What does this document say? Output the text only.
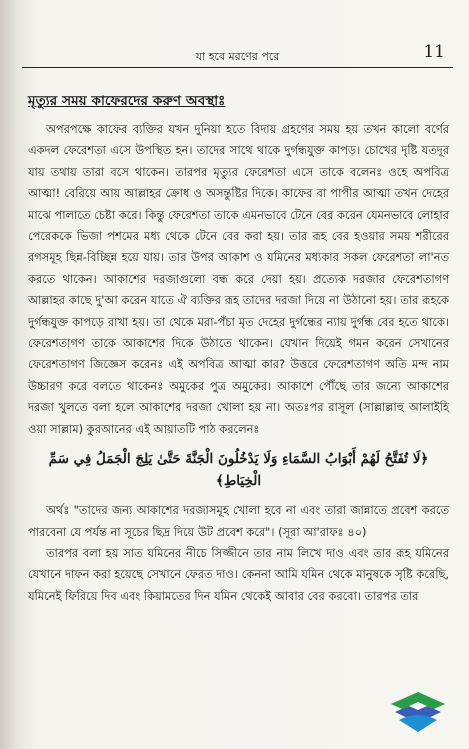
যা হবে মরণের পরে	11
মৃত্যুর সময় কাফেরদের করুণ অবস্থাঃ

অপরপক্ষে কাফের ব্যক্তির যখন দুনিয়া হতে বিদায় গ্রহণের সময় হয় তখন কালো বর্ণের একদল ফেরেশতা এসে উপস্থিত হন। তাদের সাথে থাকে দুর্গন্ধযুক্ত কাপড়। চোখের দৃষ্টি যতদূর যায় তথায় তারা বসে থাকেন। তারপর মৃত্যুর ফেরেশতা এসে তাকে বলেনঃ ওহে অপবিত্র আত্মা! বেরিয়ে আয় আল্লাহর ক্রোধ ও অসন্তুষ্টির দিকে। কাফের বা পাপীর আত্মা তখন দেহের মাঝে পালাতে চেষ্টা করে। কিন্তু ফেরেশতা তাকে এমনভাবে টেনে বের করেন যেমনভাবে লোহার পেরেককে ভিজা পশমের মধ্য থেকে টেনে বের করা হয়। তার রূহ বের হওয়ার সময় শরীরের রগসমূহ ছিন্ন-বিচ্ছিন্ন হয়ে যায়। তার উপর আকাশ ও যমিনের মধ্যকার সকল ফেরেশতা লা'নত করতে থাকেন। আকাশের দরজাগুলো বন্ধ করে দেয়া হয়। প্রত্যেক দরজার ফেরেশতাগণ আল্লাহর কাছে দু'আ করেন যাতে ঐ ব্যক্তির রূহ তাদের দরজা দিয়ে না উঠানো হয়। তার রূহকে দুর্গন্ধযুক্ত কাপড়ে রাখা হয়। তা থেকে মরা-পঁচা মৃত দেহের দুর্গন্ধের ন্যায় দুর্গন্ধ বের হতে থাকে। ফেরেশতাগণ তাকে আকাশের দিকে উঠাতে থাকেন। যেখান দিয়েই গমন করেন সেখানের ফেরেশতাগণ জিজ্ঞেস করেনঃ এই অপবিত্র আত্মা কার? উত্তরে ফেরেশতাগণ অতি মন্দ নাম উচ্চারণ করে বলতে থাকেনঃ অমুকের পুত্র অমুকের। আকাশে পৌঁছে তার জন্যে আকাশের দরজা খুলতে বলা হলে আকাশের দরজা খোলা হয় না। অতঃপর রাসূল (সাল্লাল্লাহু আলাইহি ওয়া সাল্লাম) কুরআনের এই আয়াতটি পাঠ করলেনঃ

﴿لَا تُفَتَّحُ لَهُمْ أَبْوَابُ السَّمَاءِ وَلَا يَدْخُلُونَ الْجَنَّةَ حَتَّىٰ يَلِجَ الْجَمَلُ فِي سَمِّ الْخِيَاطِ﴾

অর্থঃ "তাদের জন্য আকাশের দরজাসমূহ খোলা হবে না এবং তারা জান্নাতে প্রবেশ করতে পারবেনা যে পর্যন্ত না সূচের ছিদ্র দিয়ে উট প্রবেশ করে"। (সূরা আ'রাফঃ ৪০)

তারপর বলা হয় সাত যমিনের নীচে সিজ্জীনে তার নাম লিখে দাও এবং তার রূহ যমিনের যেখানে দাফন করা হয়েছে সেখানে ফেরত দাও। কেননা আমি যমিন থেকে মানুষকে সৃষ্টি করেছি, যমিনেই ফিরিয়ে দিব এবং কিয়ামতের দিন যমিন থেকেই আবার বের করবো। তারপর তার
